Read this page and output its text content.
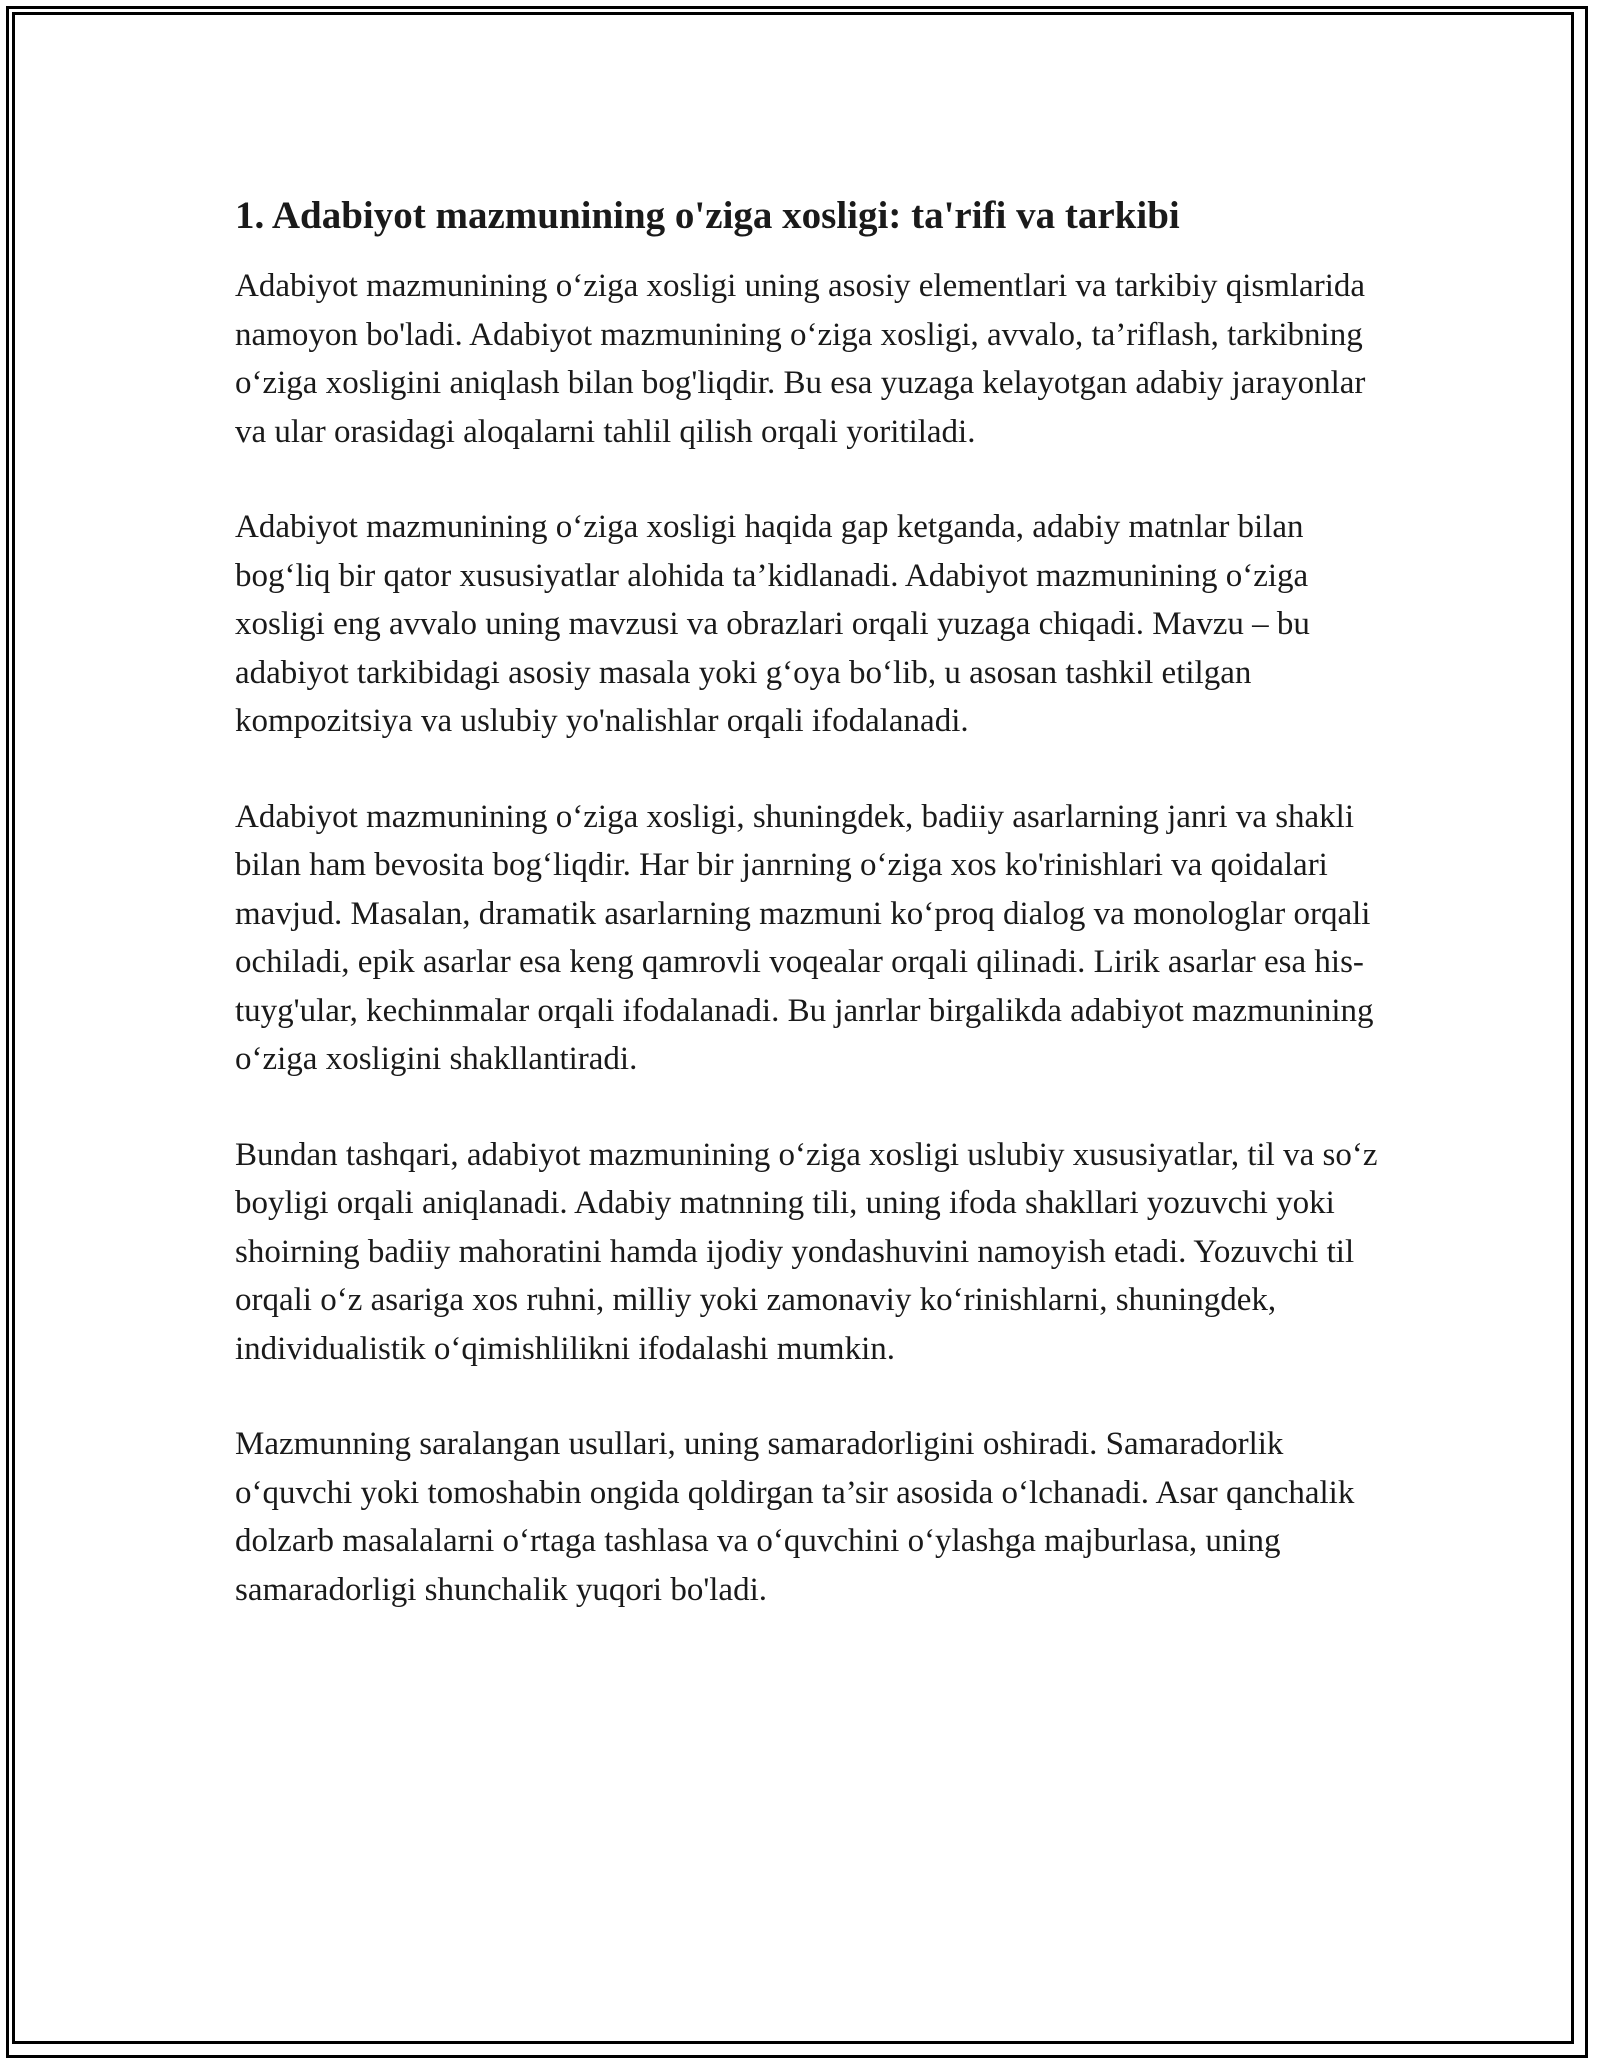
1. Adabiyot mazmunining o'ziga xosligi: ta'rifi va tarkibi

Adabiyot mazmunining o‘ziga xosligi uning asosiy elementlari va tarkibiy qismlarida namoyon bo'ladi. Adabiyot mazmunining o‘ziga xosligi, avvalo, ta’riflash, tarkibning o‘ziga xosligini aniqlash bilan bog'liqdir. Bu esa yuzaga kelayotgan adabiy jarayonlar va ular orasidagi aloqalarni tahlil qilish orqali yoritiladi.

Adabiyot mazmunining o‘ziga xosligi haqida gap ketganda, adabiy matnlar bilan bog‘liq bir qator xususiyatlar alohida ta’kidlanadi. Adabiyot mazmunining o‘ziga xosligi eng avvalo uning mavzusi va obrazlari orqali yuzaga chiqadi. Mavzu – bu adabiyot tarkibidagi asosiy masala yoki g‘oya bo‘lib, u asosan tashkil etilgan kompozitsiya va uslubiy yo'nalishlar orqali ifodalanadi.

Adabiyot mazmunining o‘ziga xosligi, shuningdek, badiiy asarlarning janri va shakli bilan ham bevosita bog‘liqdir. Har bir janrning o‘ziga xos ko'rinishlari va qoidalari mavjud. Masalan, dramatik asarlarning mazmuni ko‘proq dialog va monologlar orqali ochiladi, epik asarlar esa keng qamrovli voqealar orqali qilinadi. Lirik asarlar esa his-tuyg'ular, kechinmalar orqali ifodalanadi. Bu janrlar birgalikda adabiyot mazmunining o‘ziga xosligini shakllantiradi.

Bundan tashqari, adabiyot mazmunining o‘ziga xosligi uslubiy xususiyatlar, til va so‘z boyligi orqali aniqlanadi. Adabiy matnning tili, uning ifoda shakllari yozuvchi yoki shoirning badiiy mahoratini hamda ijodiy yondashuvini namoyish etadi. Yozuvchi til orqali o‘z asariga xos ruhni, milliy yoki zamonaviy ko‘rinishlarni, shuningdek, individualistik o‘qimishlilikni ifodalashi mumkin.

Mazmunning saralangan usullari, uning samaradorligini oshiradi. Samaradorlik o‘quvchi yoki tomoshabin ongida qoldirgan ta’sir asosida o‘lchanadi. Asar qanchalik dolzarb masalalarni o‘rtaga tashlasa va o‘quvchini o‘ylashga majburlasa, uning samaradorligi shunchalik yuqori bo'ladi.
